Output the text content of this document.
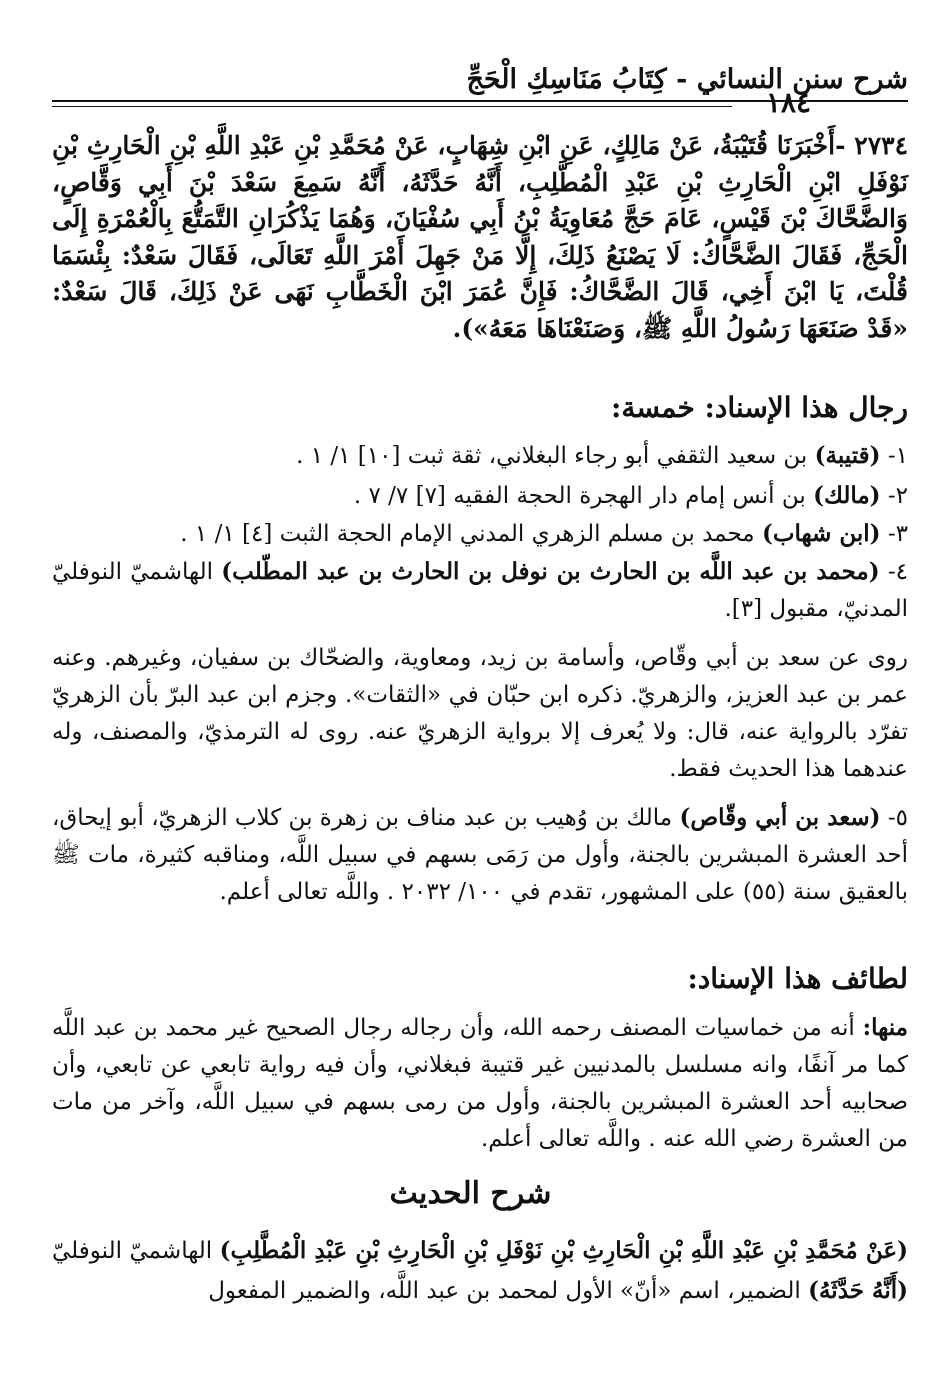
شرح سنن النسائي - كِتَابُ مَنَاسِكِ الْحَجِّ
١٨٤

٢٧٣٤ -أَخْبَرَنَا قُتَيْبَةُ، عَنْ مَالِكٍ، عَنِ ابْنِ شِهَابٍ، عَنْ مُحَمَّدِ بْنِ عَبْدِ اللَّهِ بْنِ الْحَارِثِ بْنِ نَوْفَلِ ابْنِ الْحَارِثِ بْنِ عَبْدِ الْمُطَّلِبِ، أَنَّهُ حَدَّثَهُ، أَنَّهُ سَمِعَ سَعْدَ بْنَ أَبِي وَقَّاصٍ، وَالضَّحَّاكَ بْنَ قَيْسٍ، عَامَ حَجَّ مُعَاوِيَةُ بْنُ أَبِي سُفْيَانَ، وَهُمَا يَذْكُرَانِ التَّمَتُّعَ بِالْعُمْرَةِ إِلَى الْحَجِّ، فَقَالَ الضَّحَّاكُ: لَا يَصْنَعُ ذَلِكَ، إِلَّا مَنْ جَهِلَ أَمْرَ اللَّهِ تَعَالَى، فَقَالَ سَعْدٌ: بِئْسَمَا قُلْتَ، يَا ابْنَ أَخِي، قَالَ الضَّحَّاكُ: فَإِنَّ عُمَرَ ابْنَ الْخَطَّابِ نَهَى عَنْ ذَلِكَ، قَالَ سَعْدٌ: «قَدْ صَنَعَهَا رَسُولُ اللَّهِ ﷺ، وَصَنَعْنَاهَا مَعَهُ»).

رجال هذا الإسناد: خمسة:
١- (قتيبة) بن سعيد الثقفي أبو رجاء البغلاني، ثقة ثبت [١٠] ١/ ١ .
٢- (مالك) بن أنس إمام دار الهجرة الحجة الفقيه [٧] ٧/ ٧ .
٣- (ابن شهاب) محمد بن مسلم الزهري المدني الإمام الحجة الثبت [٤] ١/ ١ .
٤- (محمد بن عبد اللَّه بن الحارث بن نوفل بن الحارث بن عبد المطّلب) الهاشميّ النوفليّ المدنيّ، مقبول [٣].
روى عن سعد بن أبي وقّاص، وأسامة بن زيد، ومعاوية، والضحّاك بن سفيان، وغيرهم. وعنه عمر بن عبد العزيز، والزهريّ. ذكره ابن حبّان في «الثقات». وجزم ابن عبد البرّ بأن الزهريّ تفرّد بالرواية عنه، قال: ولا يُعرف إلا برواية الزهريّ عنه. روى له الترمذيّ، والمصنف، وله عندهما هذا الحديث فقط.
٥- (سعد بن أبي وقّاص) مالك بن وُهيب بن عبد مناف بن زهرة بن كلاب الزهريّ، أبو إيحاق، أحد العشرة المبشرين بالجنة، وأول من رَمَى بسهم في سبيل اللَّه، ومناقبه كثيرة، مات ﷺ بالعقيق سنة (٥٥) على المشهور، تقدم في ١٠٠/ ٢٠٣٢ . واللَّه تعالى أعلم.
لطائف هذا الإسناد:
منها: أنه من خماسيات المصنف رحمه الله، وأن رجاله رجال الصحيح غير محمد بن عبد اللَّه كما مر آنفًا، وانه مسلسل بالمدنيين غير قتيبة فبغلاني، وأن فيه رواية تابعي عن تابعي، وأن صحابيه أحد العشرة المبشرين بالجنة، وأول من رمى بسهم في سبيل اللَّه، وآخر من مات من العشرة رضي الله عنه . واللَّه تعالى أعلم.
شرح الحديث
(عَنْ مُحَمَّدِ بْنِ عَبْدِ اللَّهِ بْنِ الْحَارِثِ بْنِ نَوْفَلِ بْنِ الْحَارِثِ بْنِ عَبْدِ الْمُطَّلِبِ) الهاشميّ النوفليّ (أَنَّهُ حَدَّثَهُ) الضمير، اسم «أنّ» الأول لمحمد بن عبد اللَّه، والضمير المفعول
